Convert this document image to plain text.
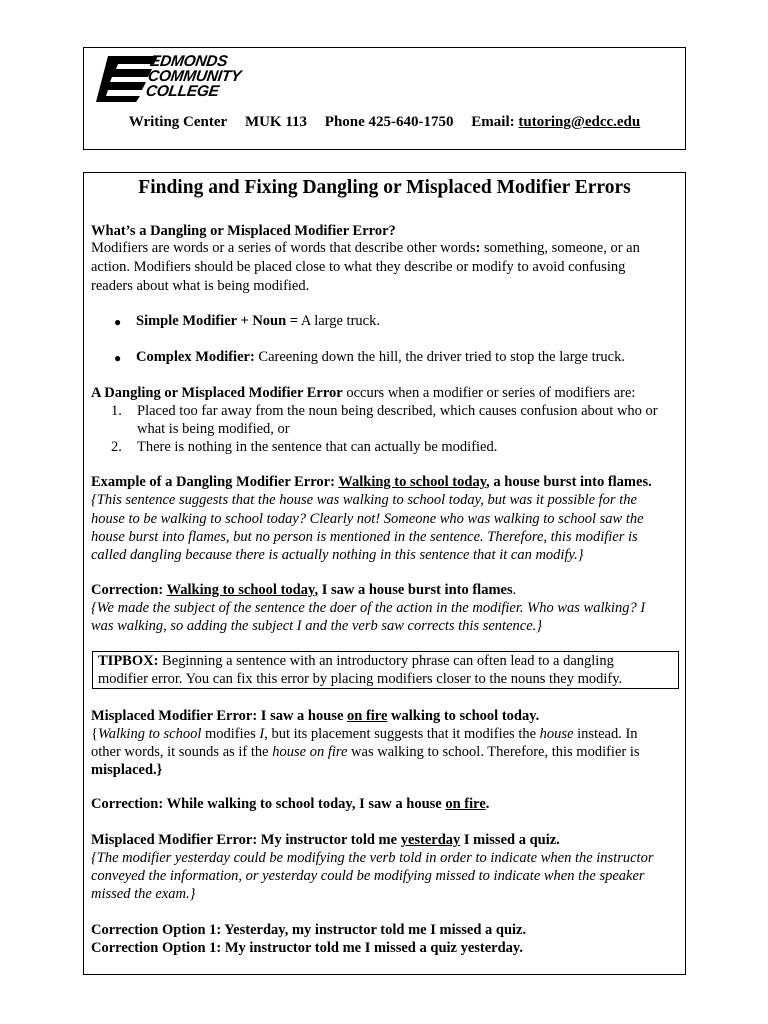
EDMONDS
COMMUNITY
COLLEGE
Writing Center MUK 113 Phone 425-640-1750 Email: tutoring@edcc.edu
Finding and Fixing Dangling or Misplaced Modifier Errors
What’s a Dangling or Misplaced Modifier Error?
Modifiers are words or a series of words that describe other words: something, someone, or an
action. Modifiers should be placed close to what they describe or modify to avoid confusing
readers about what is being modified.
● Simple Modifier + Noun = A large truck.
● Complex Modifier: Careening down the hill, the driver tried to stop the large truck.
A Dangling or Misplaced Modifier Error occurs when a modifier or series of modifiers are:
1. Placed too far away from the noun being described, which causes confusion about who or
what is being modified, or
2. There is nothing in the sentence that can actually be modified.
Example of a Dangling Modifier Error: Walking to school today, a house burst into flames.
{This sentence suggests that the house was walking to school today, but was it possible for the
house to be walking to school today? Clearly not! Someone who was walking to school saw the
house burst into flames, but no person is mentioned in the sentence. Therefore, this modifier is
called dangling because there is actually nothing in this sentence that it can modify.}
Correction: Walking to school today, I saw a house burst into flames.
{We made the subject of the sentence the doer of the action in the modifier. Who was walking? I
was walking, so adding the subject I and the verb saw corrects this sentence.}
TIPBOX: Beginning a sentence with an introductory phrase can often lead to a dangling
modifier error. You can fix this error by placing modifiers closer to the nouns they modify.
Misplaced Modifier Error: I saw a house on fire walking to school today.
{Walking to school modifies I, but its placement suggests that it modifies the house instead. In
other words, it sounds as if the house on fire was walking to school. Therefore, this modifier is
misplaced.}
Correction: While walking to school today, I saw a house on fire.
Misplaced Modifier Error: My instructor told me yesterday I missed a quiz.
{The modifier yesterday could be modifying the verb told in order to indicate when the instructor
conveyed the information, or yesterday could be modifying missed to indicate when the speaker
missed the exam.}
Correction Option 1: Yesterday, my instructor told me I missed a quiz.
Correction Option 1: My instructor told me I missed a quiz yesterday.
